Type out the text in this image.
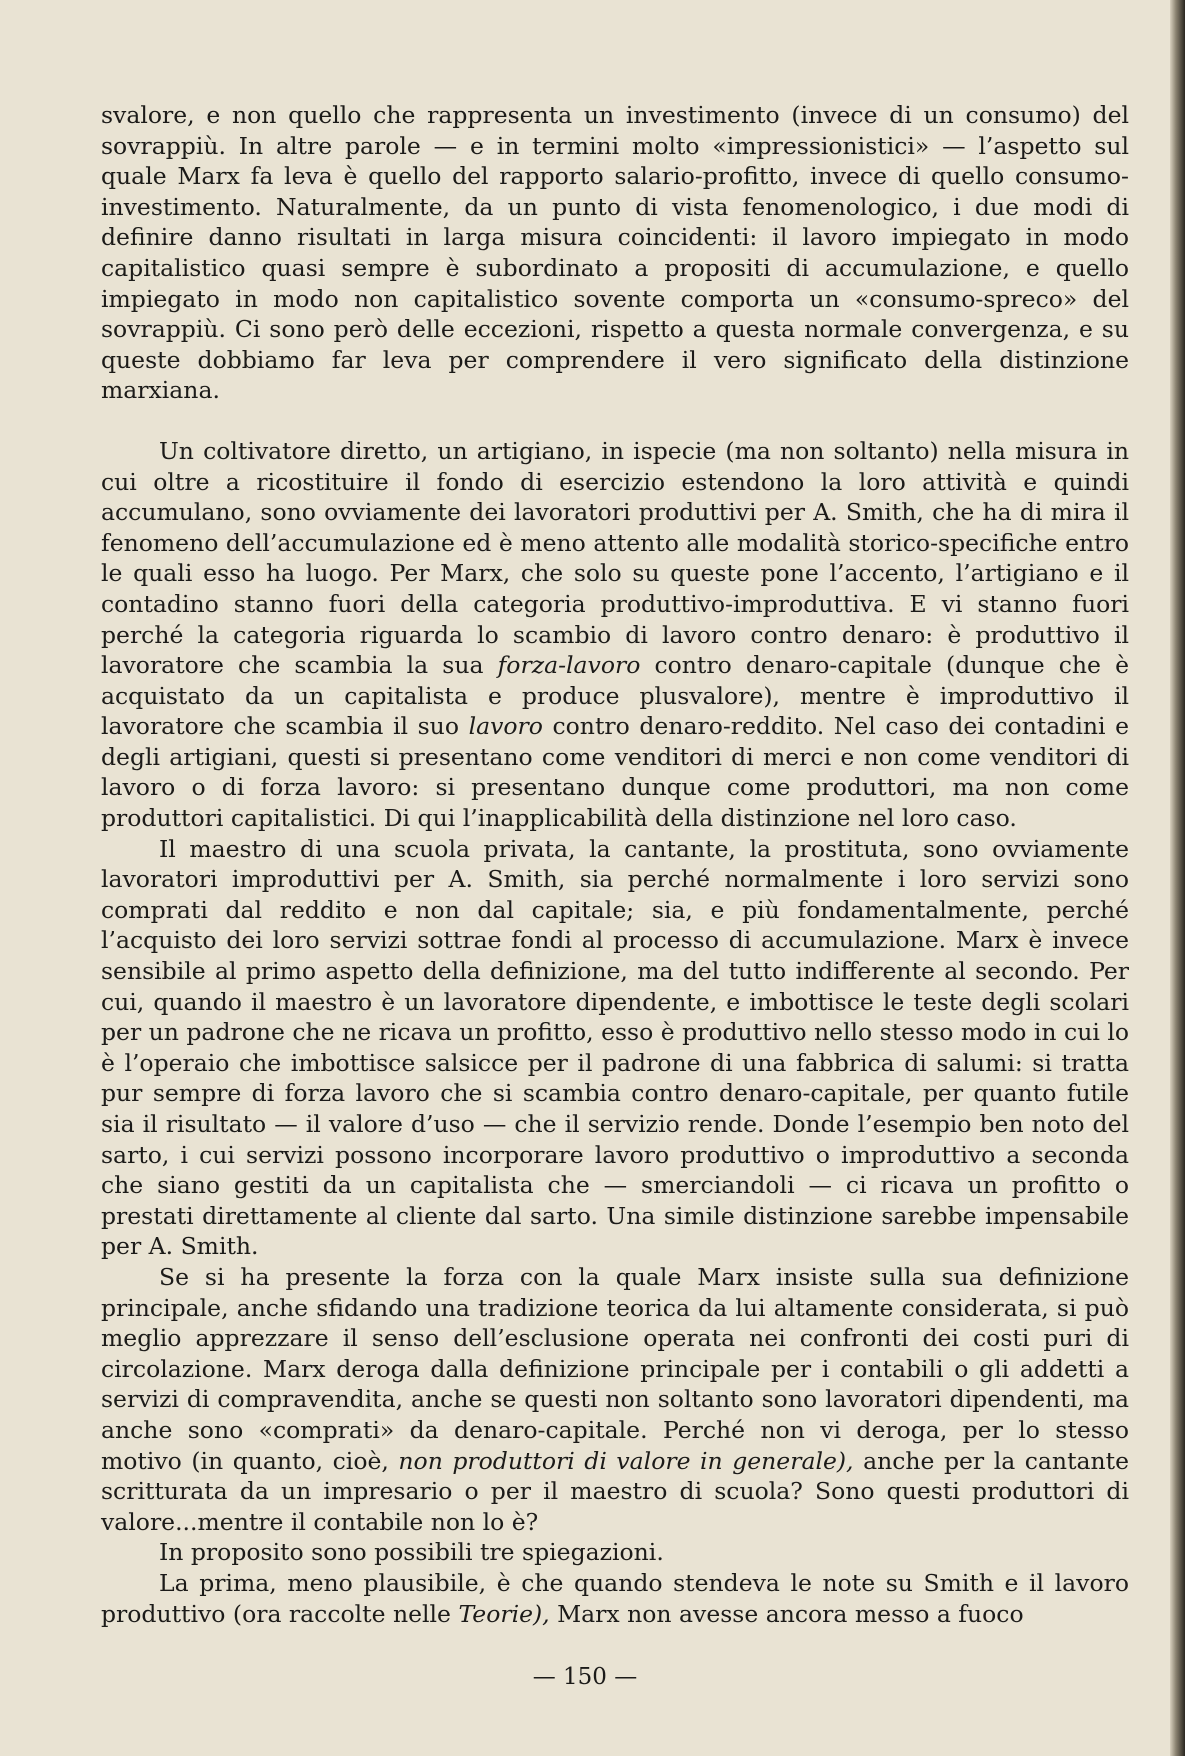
svalore, e non quello che rappresenta un investimento (invece di un consumo) del sovrappiù. In altre parole — e in termini molto «impressionistici» — l’aspetto sul quale Marx fa leva è quello del rapporto salario-profitto, invece di quello consumo-investimento. Naturalmente, da un punto di vista fenomenologico, i due modi di definire danno risultati in larga misura coincidenti: il lavoro impiegato in modo capitalistico quasi sempre è subordinato a propositi di accumulazione, e quello impiegato in modo non capitalistico sovente comporta un «consumo-spreco» del sovrappiù. Ci sono però delle eccezioni, rispetto a questa normale convergenza, e su queste dobbiamo far leva per comprendere il vero significato della distinzione marxiana.

Un coltivatore diretto, un artigiano, in ispecie (ma non soltanto) nella misura in cui oltre a ricostituire il fondo di esercizio estendono la loro attività e quindi accumulano, sono ovviamente dei lavoratori produttivi per A. Smith, che ha di mira il fenomeno dell’accumulazione ed è meno attento alle modalità storico-specifiche entro le quali esso ha luogo. Per Marx, che solo su queste pone l’accento, l’artigiano e il contadino stanno fuori della categoria produttivo-improduttiva. E vi stanno fuori perché la categoria riguarda lo scambio di lavoro contro denaro: è produttivo il lavoratore che scambia la sua forza-lavoro contro denaro-capitale (dunque che è acquistato da un capitalista e produce plusvalore), mentre è improduttivo il lavoratore che scambia il suo lavoro contro denaro-reddito. Nel caso dei contadini e degli artigiani, questi si presentano come venditori di merci e non come venditori di lavoro o di forza lavoro: si presentano dunque come produttori, ma non come produttori capitalistici. Di qui l’inapplicabilità della distinzione nel loro caso.

Il maestro di una scuola privata, la cantante, la prostituta, sono ovviamente lavoratori improduttivi per A. Smith, sia perché normalmente i loro servizi sono comprati dal reddito e non dal capitale; sia, e più fondamentalmente, perché l’acquisto dei loro servizi sottrae fondi al processo di accumulazione. Marx è invece sensibile al primo aspetto della definizione, ma del tutto indifferente al secondo. Per cui, quando il maestro è un lavoratore dipendente, e imbottisce le teste degli scolari per un padrone che ne ricava un profitto, esso è produttivo nello stesso modo in cui lo è l’operaio che imbottisce salsicce per il padrone di una fabbrica di salumi: si tratta pur sempre di forza lavoro che si scambia contro denaro-capitale, per quanto futile sia il risultato — il valore d’uso — che il servizio rende. Donde l’esempio ben noto del sarto, i cui servizi possono incorporare lavoro produttivo o improduttivo a seconda che siano gestiti da un capitalista che — smerciandoli — ci ricava un profitto o prestati direttamente al cliente dal sarto. Una simile distinzione sarebbe impensabile per A. Smith.

Se si ha presente la forza con la quale Marx insiste sulla sua definizione principale, anche sfidando una tradizione teorica da lui altamente considerata, si può meglio apprezzare il senso dell’esclusione operata nei confronti dei costi puri di circolazione. Marx deroga dalla definizione principale per i contabili o gli addetti a servizi di compravendita, anche se questi non soltanto sono lavoratori dipendenti, ma anche sono «comprati» da denaro-capitale. Perché non vi deroga, per lo stesso motivo (in quanto, cioè, non produttori di valore in generale), anche per la cantante scritturata da un impresario o per il maestro di scuola? Sono questi produttori di valore...mentre il contabile non lo è?

In proposito sono possibili tre spiegazioni.

La prima, meno plausibile, è che quando stendeva le note su Smith e il lavoro produttivo (ora raccolte nelle Teorie), Marx non avesse ancora messo a fuoco

— 150 —
